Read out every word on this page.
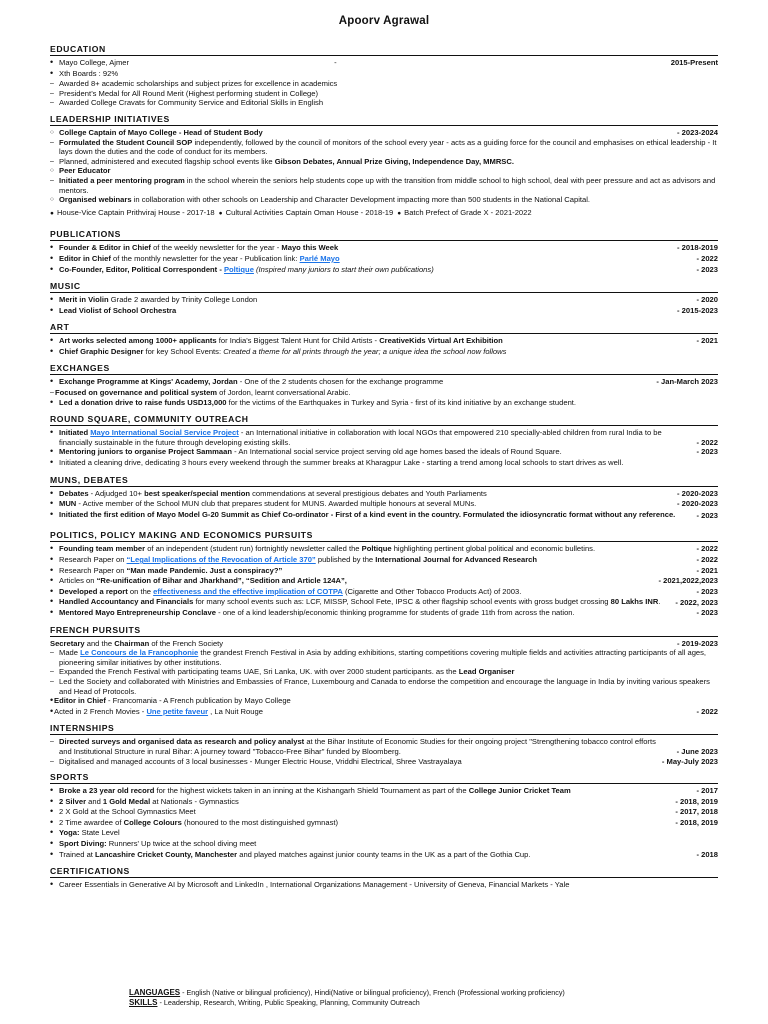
Apoorv Agrawal
EDUCATION
•
Mayo College, Ajmer	-	2015-Present
•
Xth Boards : 92%
–
Awarded 8+ academic scholarships and subject prizes for excellence in academics
–
President’s Medal for All Round Merit (Highest performing student in College)
–
Awarded College Cravats for Community Service and Editorial Skills in English
LEADERSHIP INITIATIVES
○
College Captain of Mayo College - Head of Student Body	- 2023-2024
–
Formulated the Student Council SOP independently, followed by the council of monitors of the school every year - acts as a guiding force for the council and emphasises on ethical leadership - It lays down the duties and the code of conduct for its members.
–
Planned, administered and executed flagship school events like Gibson Debates, Annual Prize Giving, Independence Day, MMRSC.
○
Peer Educator
–
Initiated a peer mentoring program in the school wherein the seniors help students cope up with the transition from middle school to high school, deal with peer pressure and act as advisors and mentors.
○
Organised webinars in collaboration with other schools on Leadership and Character Development impacting more than 500 students in the National Capital.
● House-Vice Captain Prithviraj House - 2017-18 ●	Cultural Activities Captain Oman House - 2018-19 ●	Batch Prefect of Grade X - 2021-2022
PUBLICATIONS
•
Founder & Editor in Chief of the weekly newsletter for the year - Mayo this Week	- 2018-2019
•
Editor in Chief of the monthly newsletter for the year - Publication link: Parlé Mayo	- 2022
•
Co-Founder, Editor, Political Correspondent - Poltique (Inspired many juniors to start their own publications)	- 2023
MUSIC
•
Merit in Violin Grade 2 awarded by Trinity College London	- 2020
•
Lead Violist of School Orchestra	- 2015-2023
ART
•
Art works selected among 1000+ applicants for India's Biggest Talent Hunt for Child Artists - CreativeKids Virtual Art Exhibition	- 2021
•
Chief Graphic Designer for key School Events: Created a theme for all prints through the year; a unique idea the school now follows
EXCHANGES
•
Exchange Programme at Kings' Academy, Jordan - One of the 2 students chosen for the exchange programme	- Jan-March 2023
–
Focused on governance and political system of Jordon, learnt conversational Arabic.
•
Led a donation drive to raise funds USD13,000 for the victims of the Earthquakes in Turkey and Syria - first of its kind initiative by an exchange student.
ROUND SQUARE, COMMUNITY OUTREACH
•
Initiated Mayo International Social Service Project - an International initiative in collaboration with local NGOs that empowered 210 specially-abled children from rural India to be financially sustainable in the future through developing existing skills.	- 2022
•
Mentoring juniors to organise Project Sammaan - An International social service project serving old age homes based the ideals of Round Square.	- 2023
•
Initiated a cleaning drive, dedicating 3 hours every weekend through the summer breaks at Kharagpur Lake - starting a trend among local schools to start drives as well.
MUNS, DEBATES
•
Debates - Adjudged 10+ best speaker/special mention commendations at several prestigious debates and Youth Parliaments	- 2020-2023
•
MUN - Active member of the School MUN club that prepares student for MUNS. Awarded multiple honours at several MUNs.	- 2020-2023
•
Initiated the first edition of Mayo Model G-20 Summit as Chief Co-ordinator - First of a kind event in the country. Formulated the idiosyncratic format without any reference.	- 2023
POLITICS, POLICY MAKING AND ECONOMICS PURSUITS
•
Founding team member of an independent (student run) fortnightly newsletter called the Poltique highlighting pertinent global political and economic bulletins.	- 2022
•
Research Paper on “Legal Implications of the Revocation of Article 370” published by the International Journal for Advanced Research	- 2022
•
Research Paper on “Man made Pandemic. Just a conspiracy?”	- 2021
•
Articles on “Re-unification of Bihar and Jharkhand”, “Sedition and Article 124A”,	- 2021,2022,2023
•
Developed a report on the effectiveness and the effective implication of COTPA (Cigarette and Other Tobacco Products Act) of 2003.	- 2023
•
Handled Accountancy and Financials for many school events such as: LCF, MISSP, School Fete, IPSC & other flagship school events with gross budget crossing 80 Lakhs INR.	- 2022, 2023
•
Mentored Mayo Entrepreneurship Conclave - one of a kind leadership/economic thinking programme for students of grade 11th from across the nation.	- 2023
FRENCH PURSUITS
Secretary and the Chairman of the French Society	- 2019-2023
–
Made Le Concours de la Francophonie the grandest French Festival in Asia by adding exhibitions, starting competitions covering multiple fields and activities attracting participants of all ages, pioneering similar initiatives by other institutions.
–
Expanded the French Festival with participating teams UAE, Sri Lanka, UK. with over 2000 student participants. as the Lead Organiser
–
Led the Society and collaborated with Ministries and Embassies of France, Luxembourg and Canada to endorse the competition and encourage the language in India by inviting various speakers and Head of Protocols.
•
Editor in Chief - Francomania - A French publication by Mayo College
•
Acted in 2 French Movies - Une petite faveur , La Nuit Rouge	- 2022
INTERNSHIPS
–
Directed surveys and organised data as research and policy analyst at the Bihar Institute of Economic Studies for their ongoing project "Strengthening tobacco control efforts and Institutional Structure in rural Bihar: A journey toward "Tobacco-Free Bihar" funded by Bloomberg.	- June 2023
–
Digitalised and managed accounts of 3 local businesses - Munger Electric House, Vriddhi Electrical, Shree Vastrayalaya	- May-July 2023
SPORTS
•
Broke a 23 year old record for the highest wickets taken in an inning at the Kishangarh Shield Tournament as part of the College Junior Cricket Team	- 2017
•
2 Silver and 1 Gold Medal at Nationals - Gymnastics	- 2018, 2019
•
2 X Gold at the School Gymnastics Meet	- 2017, 2018
•
2 Time awardee of College Colours (honoured to the most distinguished gymnast)	- 2018, 2019
•
Yoga: State Level
•
Sport Diving: Runners' Up twice at the school diving meet
•
Trained at Lancashire Cricket County, Manchester and played matches against junior county teams in the UK as a part of the Gothia Cup.	- 2018
CERTIFICATIONS
•
Career Essentials in Generative AI by Microsoft and LinkedIn , International Organizations Management - University of Geneva, Financial Markets - Yale
LANGUAGES - English (Native or bilingual proficiency), Hindi(Native or bilingual proficiency), French (Professional working proficiency)
SKILLS - Leadership, Research, Writing, Public Speaking, Planning, Community Outreach
